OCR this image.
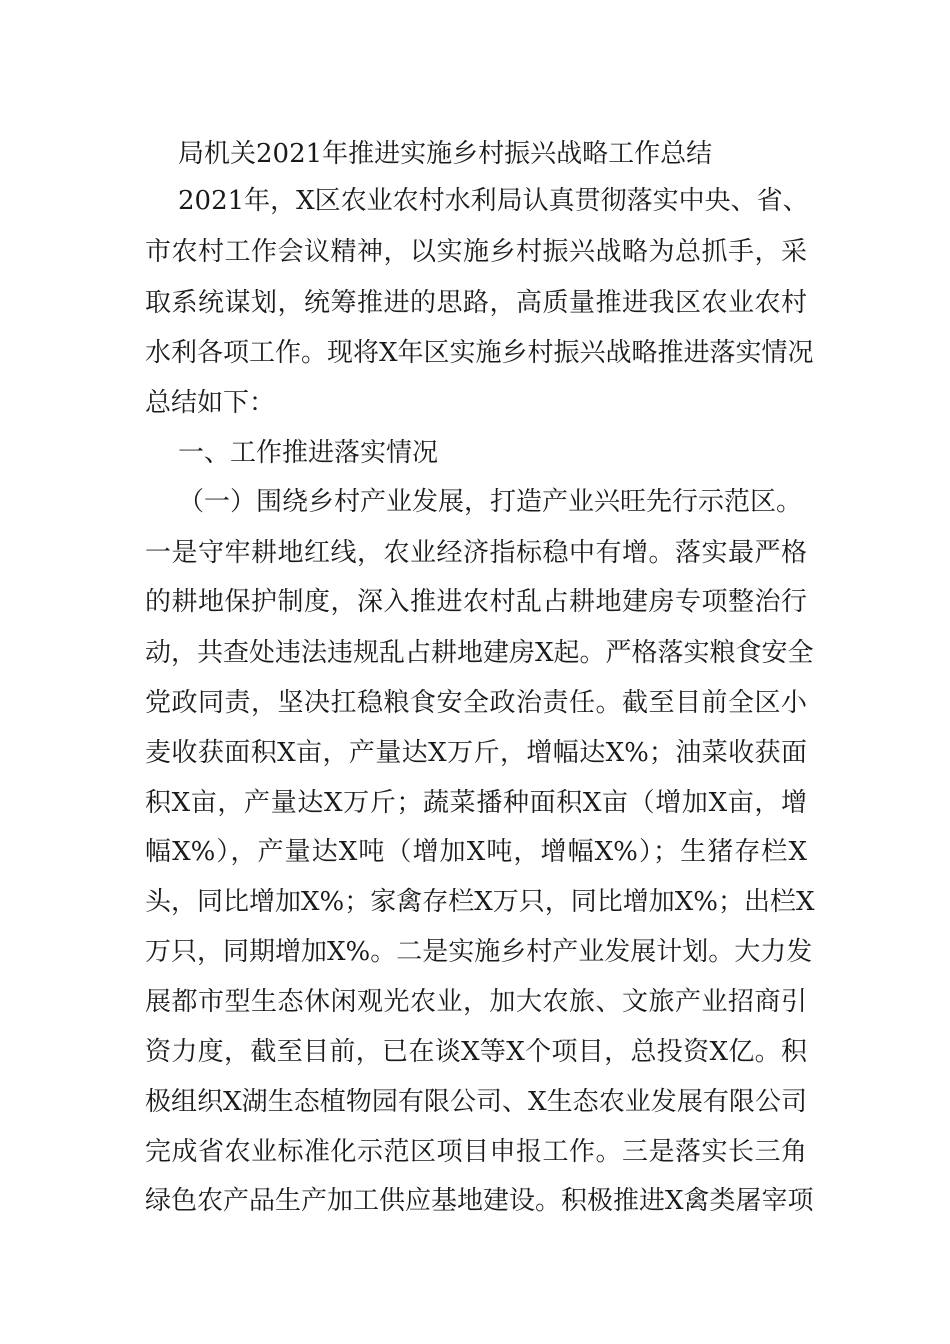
局机关2021年推进实施乡村振兴战略工作总结
2021年，X区农业农村水利局认真贯彻落实中央、省、
市农村工作会议精神，以实施乡村振兴战略为总抓手，采
取系统谋划，统筹推进的思路，高质量推进我区农业农村
水利各项工作。现将X年区实施乡村振兴战略推进落实情况
总结如下：
一、工作推进落实情况
（一）围绕乡村产业发展，打造产业兴旺先行示范区。
一是守牢耕地红线，农业经济指标稳中有增。落实最严格
的耕地保护制度，深入推进农村乱占耕地建房专项整治行
动，共查处违法违规乱占耕地建房X起。严格落实粮食安全
党政同责，坚决扛稳粮食安全政治责任。截至目前全区小
麦收获面积X亩，产量达X万斤，增幅达X%；油菜收获面
积X亩，产量达X万斤；蔬菜播种面积X亩（增加X亩，增
幅X%），产量达X吨（增加X吨，增幅X%）；生猪存栏X
头，同比增加X%；家禽存栏X万只，同比增加X%；出栏X
万只，同期增加X%。二是实施乡村产业发展计划。大力发
展都市型生态休闲观光农业，加大农旅、文旅产业招商引
资力度，截至目前，已在谈X等X个项目，总投资X亿。积
极组织X湖生态植物园有限公司、X生态农业发展有限公司
完成省农业标准化示范区项目申报工作。三是落实长三角
绿色农产品生产加工供应基地建设。积极推进X禽类屠宰项
